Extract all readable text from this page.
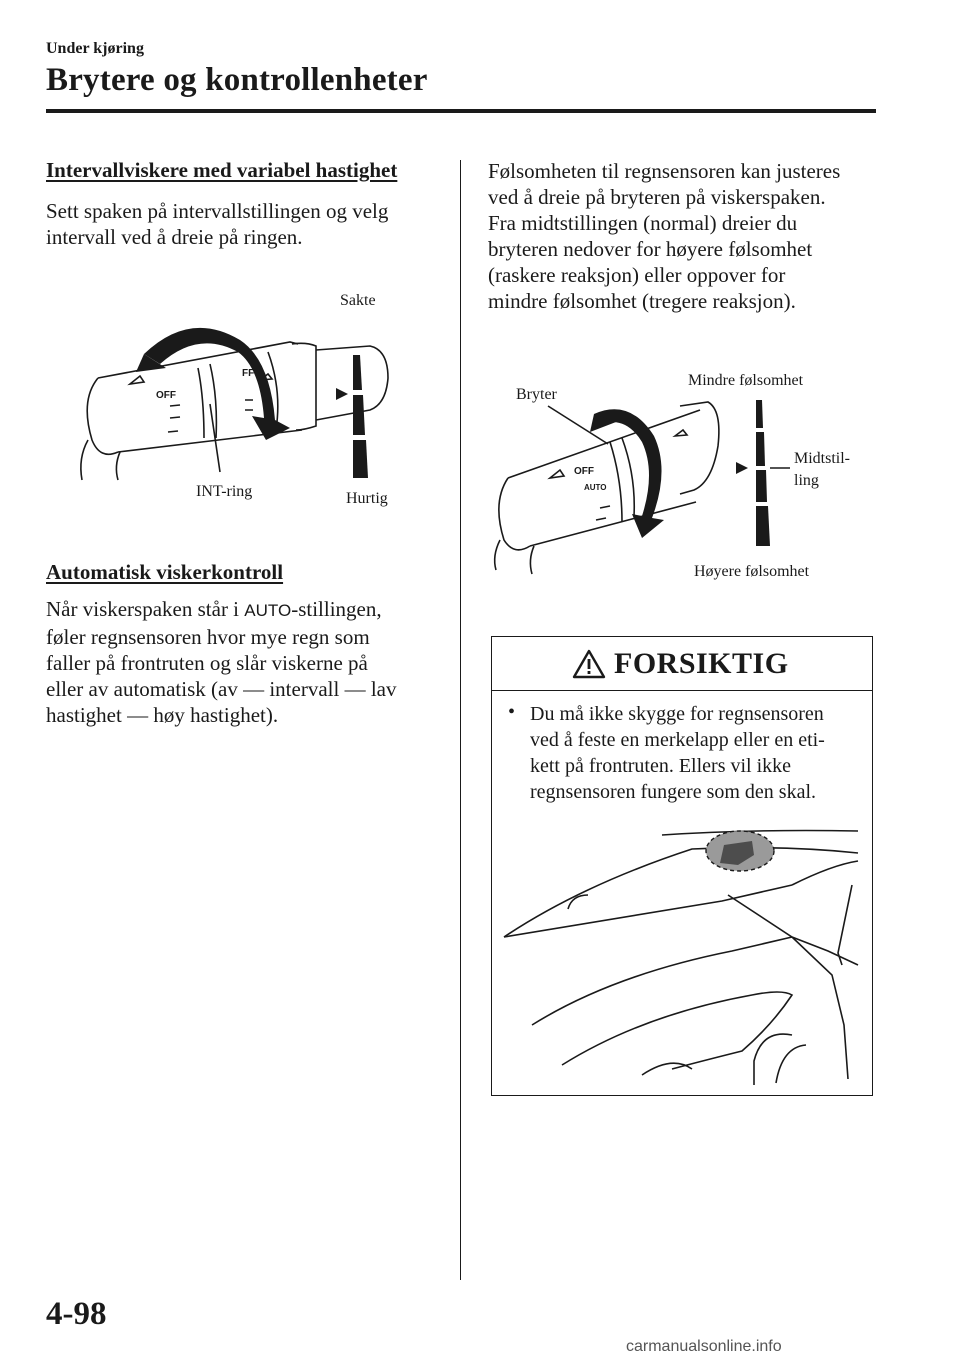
Under kjøring
Brytere og kontrollenheter
Intervallviskere med variabel hastighet
Sett spaken på intervallstillingen og velg
intervall ved å dreie på ringen.
OFF
FF
Sakte
Hurtig
INT-ring
Automatisk viskerkontroll
Når viskerspaken står i AUTO-stillingen,
føler regnsensoren hvor mye regn som
faller på frontruten og slår viskerne på
eller av automatisk (av ― intervall ― lav
hastighet ― høy hastighet).
Følsomheten til regnsensoren kan justeres
ved å dreie på bryteren på viskerspaken.
Fra midtstillingen (normal) dreier du
bryteren nedover for høyere følsomhet
(raskere reaksjon) eller oppover for
mindre følsomhet (tregere reaksjon).
OFF
AUTO
Bryter
Mindre følsomhet
Midtstil-
ling
Høyere følsomhet
FORSIKTIG
• Du må ikke skygge for regnsensoren
ved å feste en merkelapp eller en eti-
kett på frontruten. Ellers vil ikke
regnsensoren fungere som den skal.
4-98
carmanualsonline.info
